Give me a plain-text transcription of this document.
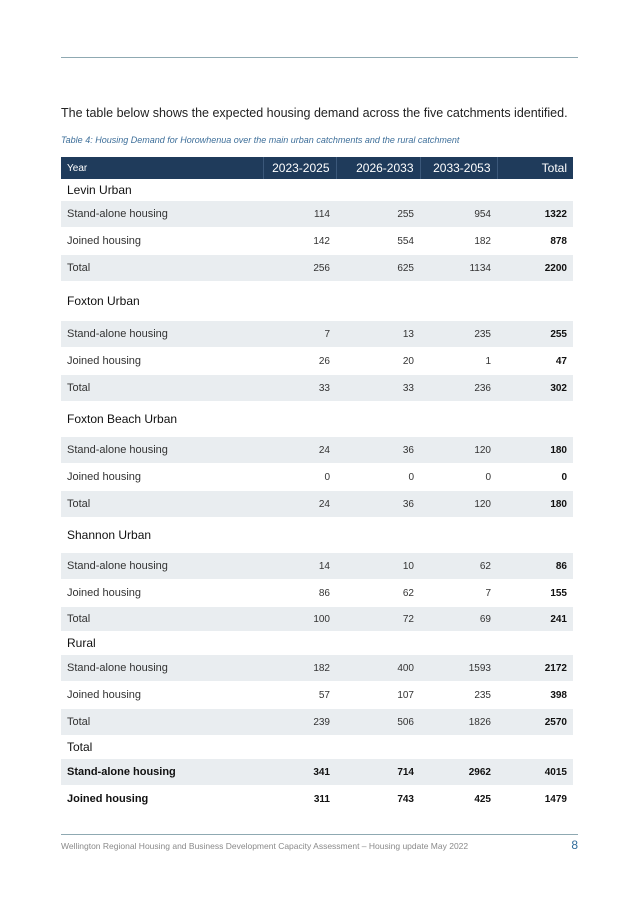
The table below shows the expected housing demand across the five catchments identified.

Table 4: Housing Demand for Horowhenua over the main urban catchments and the rural catchment

Year	2023-2025	2026-2033	2033-2053	Total
Levin Urban				
Stand-alone housing	114	255	954	1322
Joined housing	142	554	182	878
Total	256	625	1134	2200
Foxton Urban				
Stand-alone housing	7	13	235	255
Joined housing	26	20	1	47
Total	33	33	236	302
Foxton Beach Urban				
Stand-alone housing	24	36	120	180
Joined housing	0	0	0	0
Total	24	36	120	180
Shannon Urban				
Stand-alone housing	14	10	62	86
Joined housing	86	62	7	155
Total	100	72	69	241
Rural				
Stand-alone housing	182	400	1593	2172
Joined housing	57	107	235	398
Total	239	506	1826	2570
Total				
Stand-alone housing	341	714	2962	4015
Joined housing	311	743	425	1479
Wellington Regional Housing and Business Development Capacity Assessment – Housing update May 2022	8
